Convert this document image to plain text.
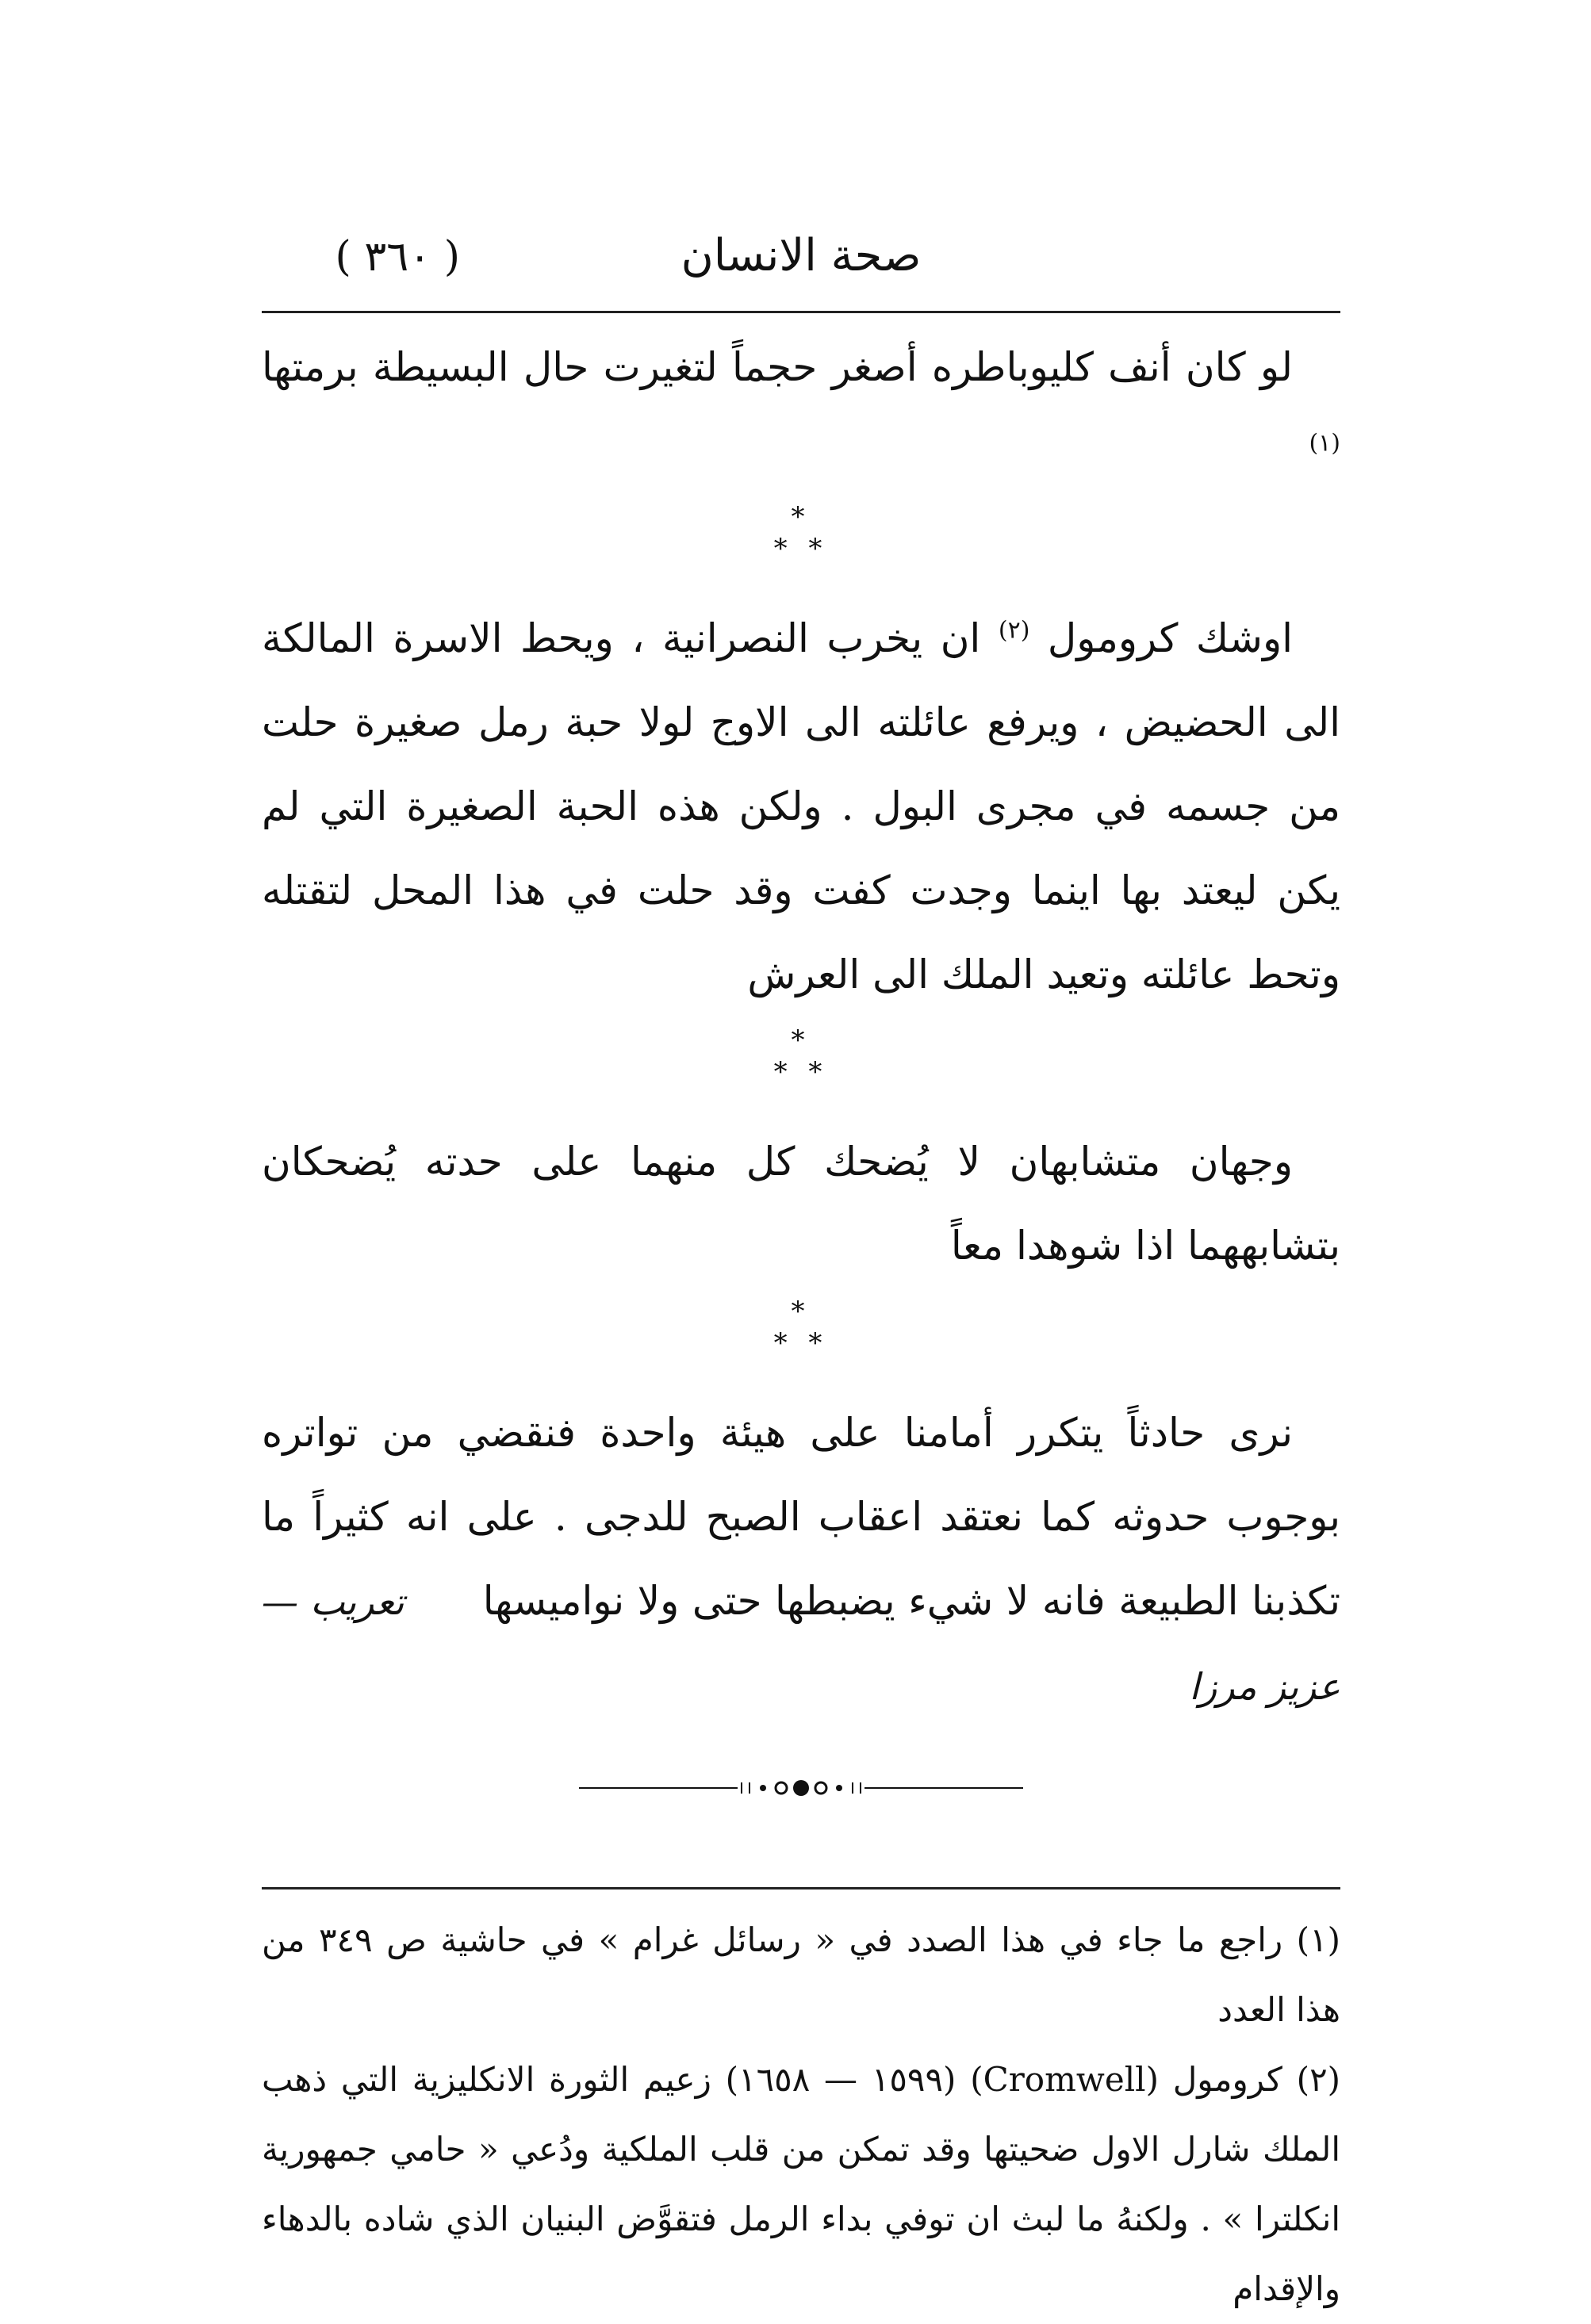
( ٣٦٠ )	صحة الانسان

لو كان أنف كليوباطره أصغر حجماً لتغيرت حال البسيطة برمتها $^{(١)}$

*
* *

اوشك كرومول $^{(٢)}$ ان يخرب النصرانية ، ويحط الاسرة المالكة الى الحضيض ، ويرفع عائلته الى الاوج لولا حبة رمل صغيرة حلت من جسمه في مجرى البول . ولكن هذه الحبة الصغيرة التي لم يكن ليعتد بها اينما وجدت كفت وقد حلت في هذا المحل لتقتله وتحط عائلته وتعيد الملك الى العرش

*
* *

وجهان متشابهان لا يُضحك كل منهما على حدته يُضحكان بتشابههما اذا شوهدا معاً

*
* *

نرى حادثاً يتكرر أمامنا على هيئة واحدة فنقضي من تواتره بوجوب حدوثه كما نعتقد اعقاب الصبح للدجى . على انه كثيراً ما تكذبنا الطبيعة فانه لا شيء يضبطها حتى ولا نواميسها      تعريب — عزيز مرزا

(١) راجع ما جاء في هذا الصدد في « رسائل غرام » في حاشية ص ٣٤٩ من هذا العدد

(٢) كرومول (Cromwell) (١٥٩٩ — ١٦٥٨) زعيم الثورة الانكليزية التي ذهب الملك شارل الاول ضحيتها وقد تمكن من قلب الملكية ودُعي « حامي جمهورية انكلترا » . ولكنهُ ما لبث ان توفي بداء الرمل فتقوَّض البنيان الذي شاده بالدهاء والإقدام
